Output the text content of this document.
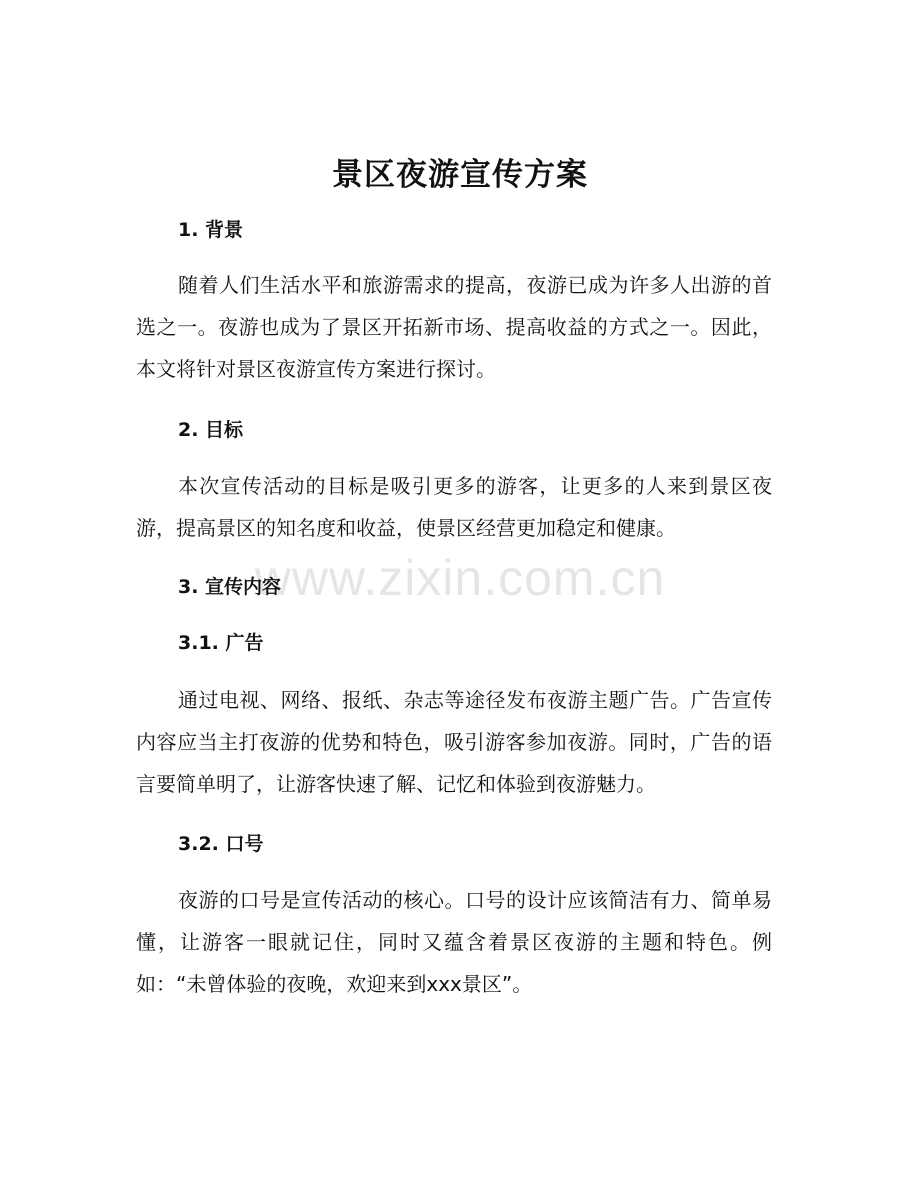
景区夜游宣传方案
1. 背景

随着人们生活水平和旅游需求的提高，夜游已成为许多人出游的首选之一。夜游也成为了景区开拓新市场、提高收益的方式之一。因此，本文将针对景区夜游宣传方案进行探讨。

2. 目标

本次宣传活动的目标是吸引更多的游客，让更多的人来到景区夜游，提高景区的知名度和收益，使景区经营更加稳定和健康。

3. 宣传内容
3.1. 广告

通过电视、网络、报纸、杂志等途径发布夜游主题广告。广告宣传内容应当主打夜游的优势和特色，吸引游客参加夜游。同时，广告的语言要简单明了，让游客快速了解、记忆和体验到夜游魅力。

3.2. 口号

夜游的口号是宣传活动的核心。口号的设计应该简洁有力、简单易懂，让游客一眼就记住，同时又蕴含着景区夜游的主题和特色。例如：“未曾体验的夜晚，欢迎来到xxx景区”。

www.zixin.com.cn
